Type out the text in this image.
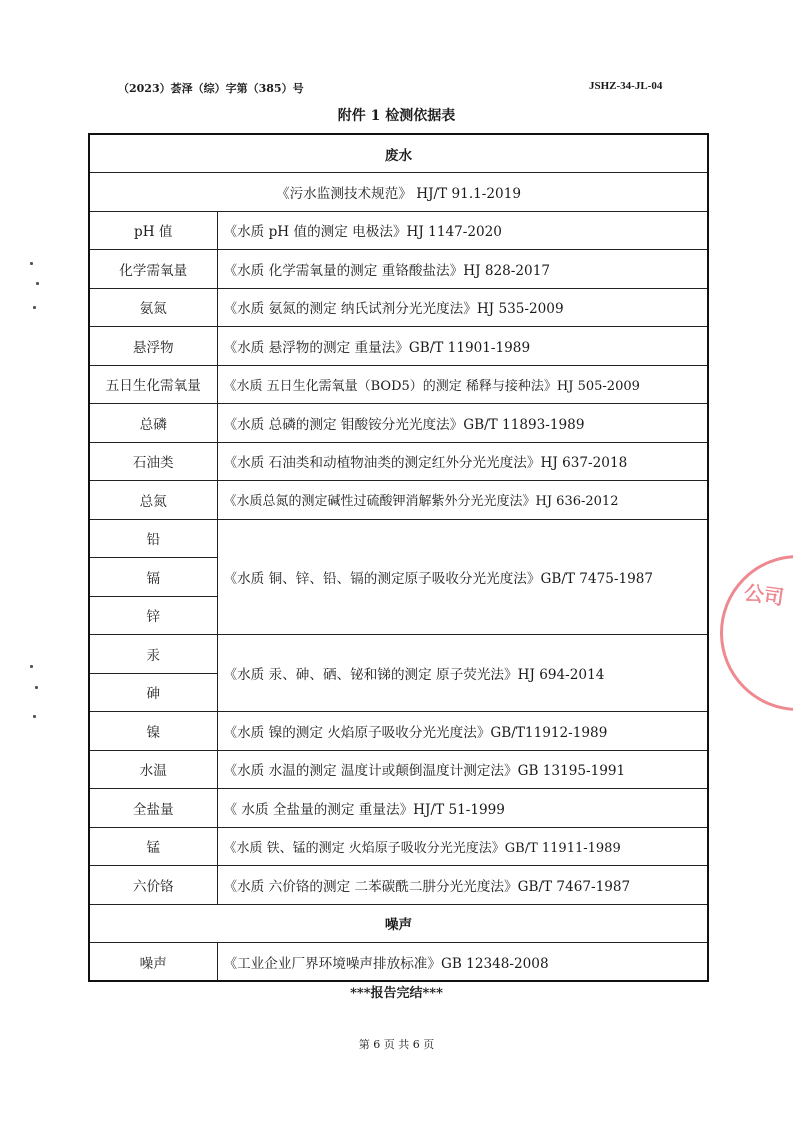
（2023）荟泽（综）字第（385）号	JSHZ-34-JL-04
附件 1 检测依据表
废水	
《污水监测技术规范》 HJ/T 91.1-2019	
pH 值	《水质 pH 值的测定 电极法》HJ 1147-2020
化学需氧量	《水质 化学需氧量的测定 重铬酸盐法》HJ 828-2017
氨氮	《水质 氨氮的测定 纳氏试剂分光光度法》HJ 535-2009
悬浮物	《水质 悬浮物的测定 重量法》GB/T 11901-1989
五日生化需氧量	《水质 五日生化需氧量（BOD5）的测定 稀释与接种法》HJ 505-2009
总磷	《水质 总磷的测定 钼酸铵分光光度法》GB/T 11893-1989
石油类	《水质 石油类和动植物油类的测定红外分光光度法》HJ 637-2018
总氮	《水质总氮的测定碱性过硫酸钾消解紫外分光光度法》HJ 636-2012
铅	《水质 铜、锌、铅、镉的测定原子吸收分光光度法》GB/T 7475-1987
镉	
锌	
汞	《水质 汞、砷、硒、铋和锑的测定 原子荧光法》HJ 694-2014
砷	
镍	《水质 镍的测定 火焰原子吸收分光光度法》GB/T11912-1989
水温	《水质 水温的测定 温度计或颠倒温度计测定法》GB 13195-1991
全盐量	《 水质 全盐量的测定 重量法》HJ/T 51-1999
锰	《水质 铁、锰的测定 火焰原子吸收分光光度法》GB/T 11911-1989
六价铬	《水质 六价铬的测定 二苯碳酰二肼分光光度法》GB/T 7467-1987
噪声	
噪声	《工业企业厂界环境噪声排放标准》GB 12348-2008
***报告完结***
第 6 页 共 6 页
公司
